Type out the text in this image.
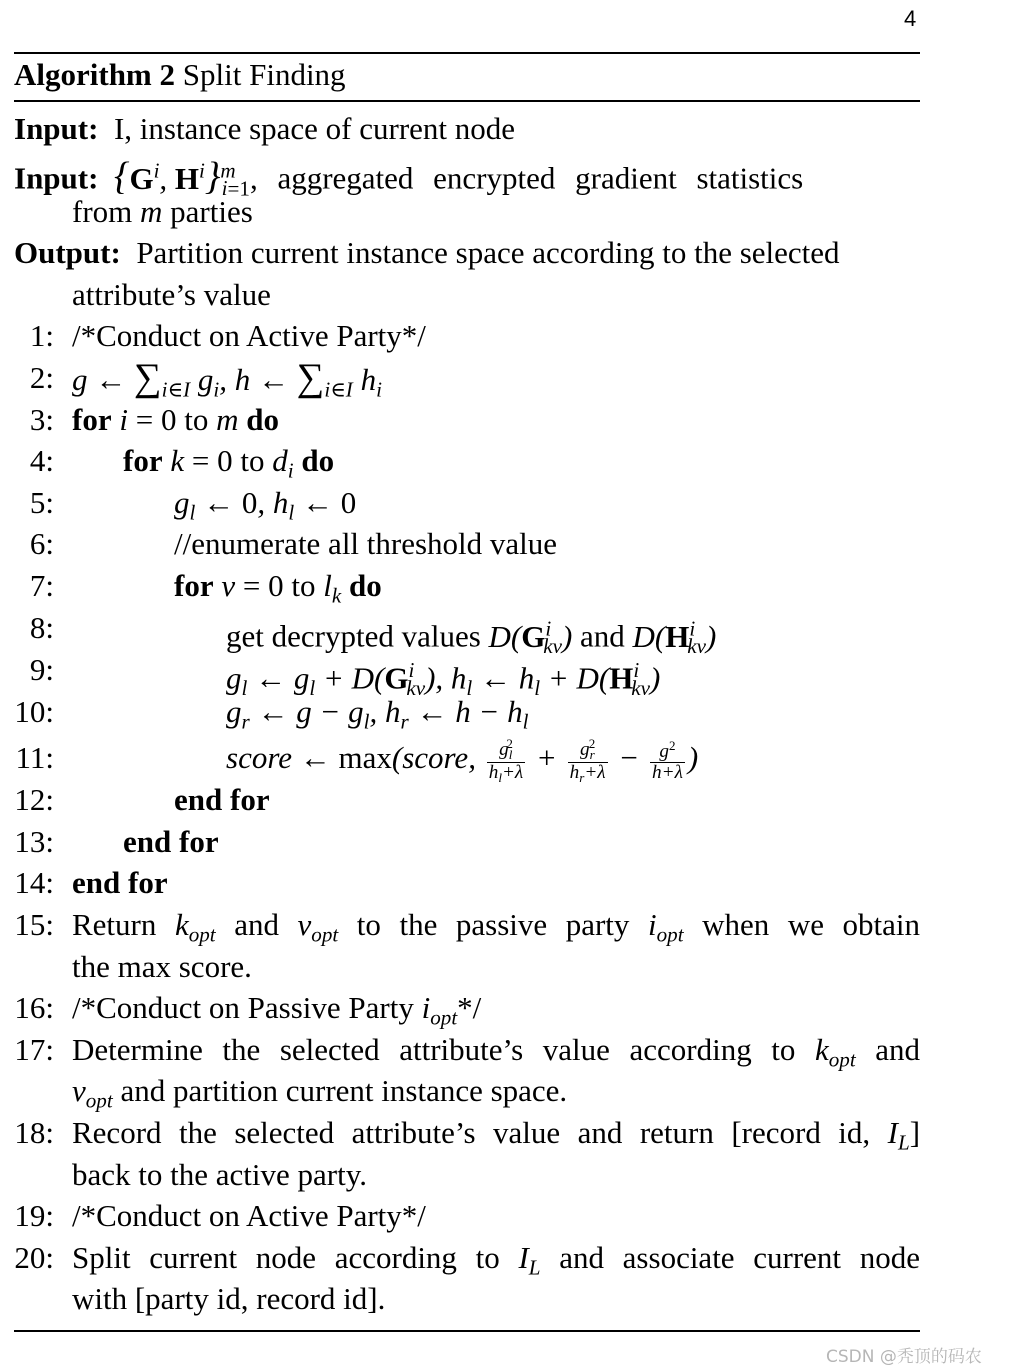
4
Algorithm 2 Split Finding
Input: I, instance space of current node
Input: {$G^i$, $H^i\}^m_{i=1}$, aggregated encrypted gradient statistics
from m parties
Output: Partition current instance space according to the selected
attribute’s value
1: /*Conduct on Active Party*/
2: g ← $\sum_{i\in I}$ $g_i$, h ← $\sum_{i\in I}$ $h_i$
3: for i = 0 to m do
4: for k = 0 to $d_i$ do
5:	$g_l$ ← 0, $h_l$ ← 0
6:	//enumerate all threshold value
7:	for v = 0 to $l_k$ do
8:	get decrypted values $D(G^i_{kv})$ and $D(H^i_{kv})$
9:	$g_l$ ← $g_l + D(G^i_{kv})$, $h_l$ ← $h_l + D(H^i_{kv})$
10:	$g_r$ ← $g - g_l$, $h_r$ ← $h - h_l$
11:	score ← max(score, $\frac{g_l^2}{h_l+\lambda} + \frac{g_r^2}{h_r+\lambda} - \frac{g^2}{h+\lambda}$ )
12:	end for
13: end for
14: end for
15: Return $k_{opt}$ and $v_{opt}$ to the passive party $i_{opt}$ when we obtain
the max score.
16: /*Conduct on Passive Party $i_{opt}*/$
17: Determine the selected attribute’s value according to $k_{opt}$ and
$v_{opt}$ and partition current instance space.
18: Record the selected attribute’s value and return [record id, $I_L$]
back to the active party.
19: /*Conduct on Active Party*/
20: Split current node according to $I_L$ and associate current node
with [party id, record id].
CSDN @秃顶的码农
